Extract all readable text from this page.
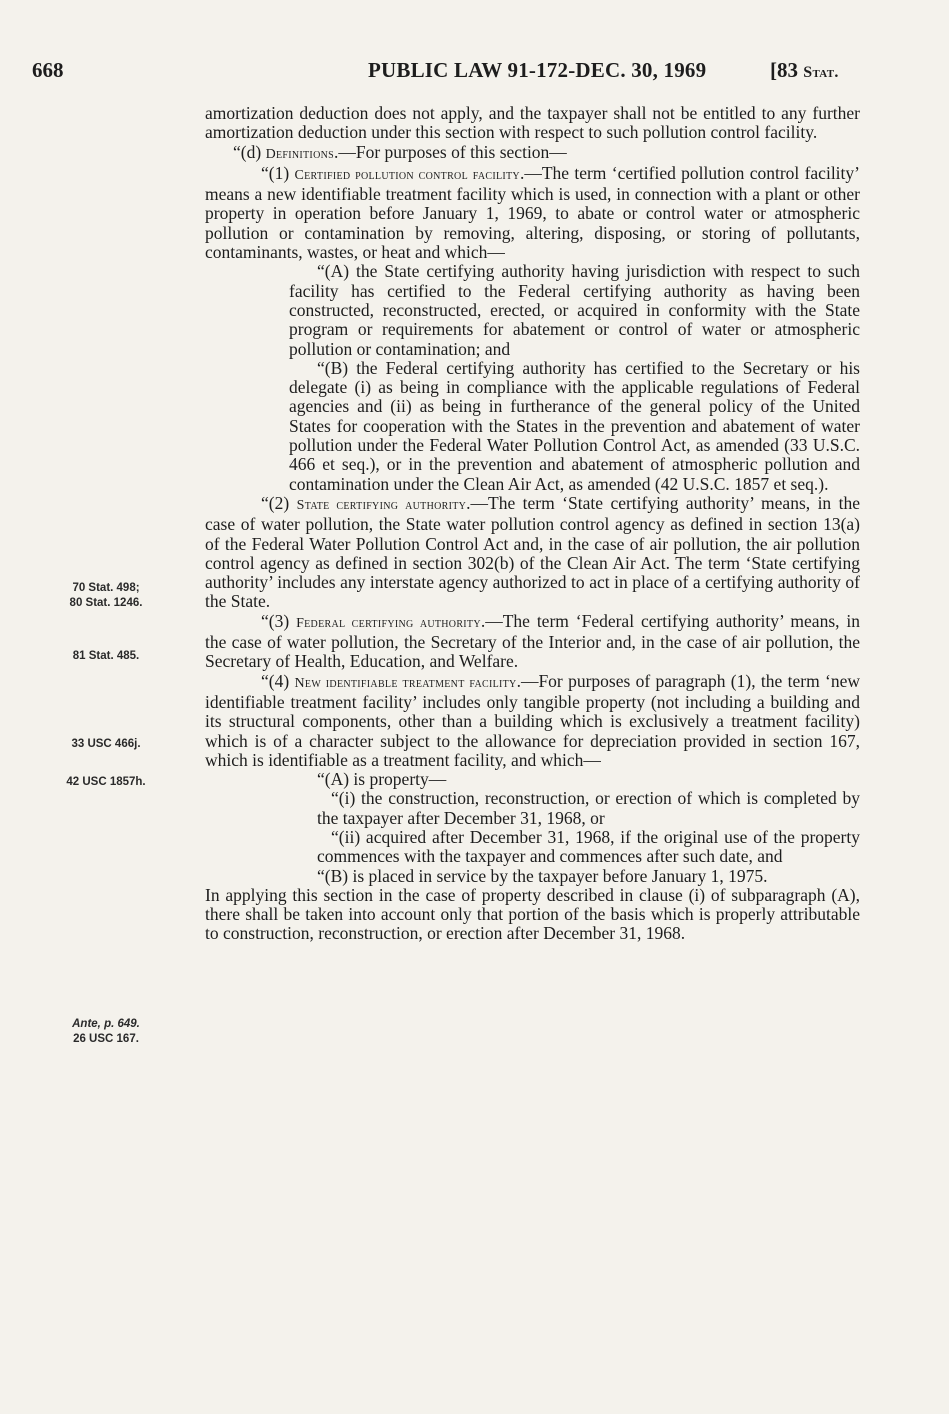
668	PUBLIC LAW 91-172-DEC. 30, 1969	[83 Stat.
70 Stat. 498;
80 Stat. 1246.
81 Stat. 485.
33 USC 466j.
42 USC 1857h.
Ante, p. 649.
26 USC 167.

amortization deduction does not apply, and the taxpayer shall not be entitled to any further amortization deduction under this section with respect to such pollution control facility.

“(d) Definitions.—For purposes of this section—

“(1) Certified pollution control facility.—The term ‘certified pollution control facility’ means a new identifiable treatment facility which is used, in connection with a plant or other property in operation before January 1, 1969, to abate or control water or atmospheric pollution or contamination by removing, altering, disposing, or storing of pollutants, contaminants, wastes, or heat and which—

“(A) the State certifying authority having jurisdiction with respect to such facility has certified to the Federal certifying authority as having been constructed, reconstructed, erected, or acquired in conformity with the State program or requirements for abatement or control of water or atmospheric pollution or contamination; and

“(B) the Federal certifying authority has certified to the Secretary or his delegate (i) as being in compliance with the applicable regulations of Federal agencies and (ii) as being in furtherance of the general policy of the United States for cooperation with the States in the prevention and abatement of water pollution under the Federal Water Pollution Control Act, as amended (33 U.S.C. 466 et seq.), or in the prevention and abatement of atmospheric pollution and contamination under the Clean Air Act, as amended (42 U.S.C. 1857 et seq.).

“(2) State certifying authority.—The term ‘State certifying authority’ means, in the case of water pollution, the State water pollution control agency as defined in section 13(a) of the Federal Water Pollution Control Act and, in the case of air pollution, the air pollution control agency as defined in section 302(b) of the Clean Air Act. The term ‘State certifying authority’ includes any interstate agency authorized to act in place of a certifying authority of the State.

“(3) Federal certifying authority.—The term ‘Federal certifying authority’ means, in the case of water pollution, the Secretary of the Interior and, in the case of air pollution, the Secretary of Health, Education, and Welfare.

“(4) New identifiable treatment facility.—For purposes of paragraph (1), the term ‘new identifiable treatment facility’ includes only tangible property (not including a building and its structural components, other than a building which is exclusively a treatment facility) which is of a character subject to the allowance for depreciation provided in section 167, which is identifiable as a treatment facility, and which—

“(A) is property—

“(i) the construction, reconstruction, or erection of which is completed by the taxpayer after December 31, 1968, or

“(ii) acquired after December 31, 1968, if the original use of the property commences with the taxpayer and commences after such date, and

“(B) is placed in service by the taxpayer before January 1, 1975.

In applying this section in the case of property described in clause (i) of subparagraph (A), there shall be taken into account only that portion of the basis which is properly attributable to construction, reconstruction, or erection after December 31, 1968.
